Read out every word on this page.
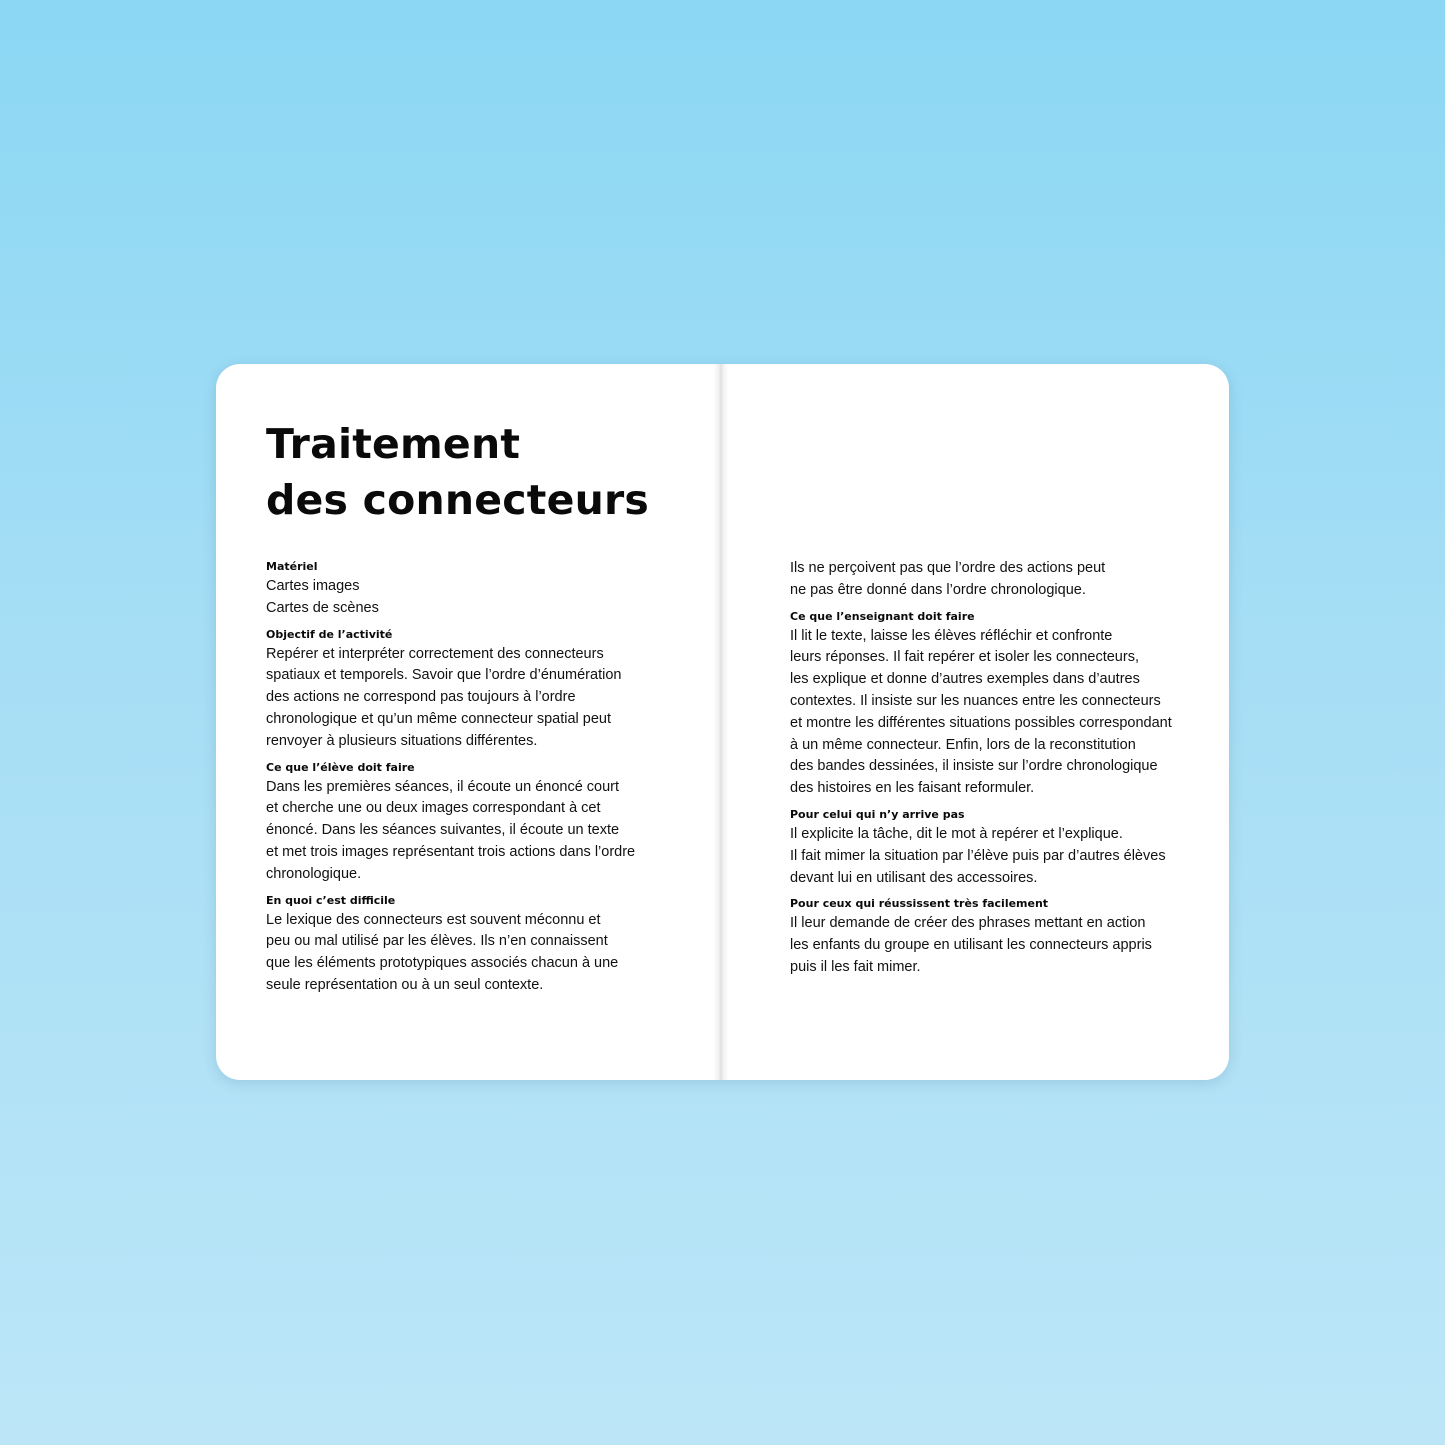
Traitement
des connecteurs
Matériel
Cartes images
Cartes de scènes
Objectif de l’activité
Repérer et interpréter correctement des connecteurs
spatiaux et temporels. Savoir que l’ordre d’énumération
des actions ne correspond pas toujours à l’ordre
chronologique et qu’un même connecteur spatial peut
renvoyer à plusieurs situations différentes.
Ce que l’élève doit faire
Dans les premières séances, il écoute un énoncé court
et cherche une ou deux images correspondant à cet
énoncé. Dans les séances suivantes, il écoute un texte
et met trois images représentant trois actions dans l’ordre
chronologique.
En quoi c’est difficile
Le lexique des connecteurs est souvent méconnu et
peu ou mal utilisé par les élèves. Ils n’en connaissent
que les éléments prototypiques associés chacun à une
seule représentation ou à un seul contexte.
Ils ne perçoivent pas que l’ordre des actions peut
ne pas être donné dans l’ordre chronologique.
Ce que l’enseignant doit faire
Il lit le texte, laisse les élèves réfléchir et confronte
leurs réponses. Il fait repérer et isoler les connecteurs,
les explique et donne d’autres exemples dans d’autres
contextes. Il insiste sur les nuances entre les connecteurs
et montre les différentes situations possibles correspondant
à un même connecteur. Enfin, lors de la reconstitution
des bandes dessinées, il insiste sur l’ordre chronologique
des histoires en les faisant reformuler.
Pour celui qui n’y arrive pas
Il explicite la tâche, dit le mot à repérer et l’explique.
Il fait mimer la situation par l’élève puis par d’autres élèves
devant lui en utilisant des accessoires.
Pour ceux qui réussissent très facilement
Il leur demande de créer des phrases mettant en action
les enfants du groupe en utilisant les connecteurs appris
puis il les fait mimer.
